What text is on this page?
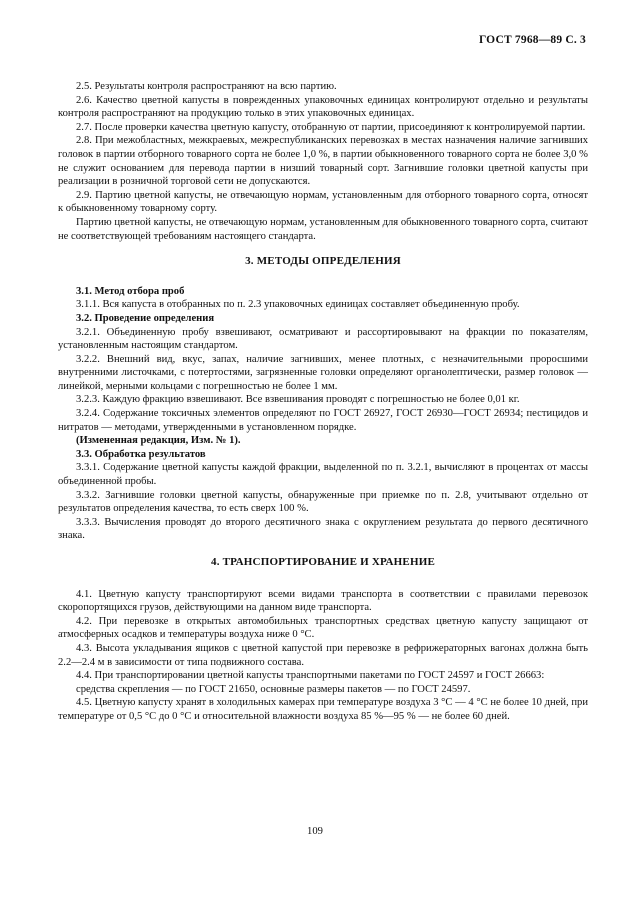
ГОСТ 7968—89 С. 3

2.5. Результаты контроля распространяют на всю партию.

2.6. Качество цветной капусты в поврежденных упаковочных единицах контролируют отдельно и результаты контроля распространяют на продукцию только в этих упаковочных единицах.

2.7. После проверки качества цветную капусту, отобранную от партии, присоединяют к контролируемой партии.

2.8. При межобластных, межкраевых, межреспубликанских перевозках в местах назначения наличие загнивших головок в партии отборного товарного сорта не более 1,0 %, в партии обыкновенного товарного сорта не более 3,0 % не служит основанием для перевода партии в низший товарный сорт. Загнившие головки цветной капусты при реализации в розничной торговой сети не допускаются.

2.9. Партию цветной капусты, не отвечающую нормам, установленным для отборного товарного сорта, относят к обыкновенному товарному сорту.

Партию цветной капусты, не отвечающую нормам, установленным для обыкновенного товарного сорта, считают не соответствующей требованиям настоящего стандарта.

3. МЕТОДЫ ОПРЕДЕЛЕНИЯ

3.1. Метод отбора проб

3.1.1. Вся капуста в отобранных по п. 2.3 упаковочных единицах составляет объединенную пробу.

3.2. Проведение определения

3.2.1. Объединенную пробу взвешивают, осматривают и рассортировывают на фракции по показателям, установленным настоящим стандартом.

3.2.2. Внешний вид, вкус, запах, наличие загнивших, менее плотных, с незначительными проросшими внутренними листочками, с потертостями, загрязненные головки определяют органолептически, размер головок — линейкой, мерными кольцами с погрешностью не более 1 мм.

3.2.3. Каждую фракцию взвешивают. Все взвешивания проводят с погрешностью не более 0,01 кг.

3.2.4. Содержание токсичных элементов определяют по ГОСТ 26927, ГОСТ 26930—ГОСТ 26934; пестицидов и нитратов — методами, утвержденными в установленном порядке.

(Измененная редакция, Изм. № 1).

3.3. Обработка результатов

3.3.1. Содержание цветной капусты каждой фракции, выделенной по п. 3.2.1, вычисляют в процентах от массы объединенной пробы.

3.3.2. Загнившие головки цветной капусты, обнаруженные при приемке по п. 2.8, учитывают отдельно от результатов определения качества, то есть сверх 100 %.

3.3.3. Вычисления проводят до второго десятичного знака с округлением результата до первого десятичного знака.

4. ТРАНСПОРТИРОВАНИЕ И ХРАНЕНИЕ

4.1. Цветную капусту транспортируют всеми видами транспорта в соответствии с правилами перевозок скоропортящихся грузов, действующими на данном виде транспорта.

4.2. При перевозке в открытых автомобильных транспортных средствах цветную капусту защищают от атмосферных осадков и температуры воздуха ниже 0 °С.

4.3. Высота укладывания ящиков с цветной капустой при перевозке в рефрижераторных вагонах должна быть 2.2—2.4 м в зависимости от типа подвижного состава.

4.4. При транспортировании цветной капусты транспортными пакетами по ГОСТ 24597 и ГОСТ 26663:

средства скрепления — по ГОСТ 21650, основные размеры пакетов — по ГОСТ 24597.

4.5. Цветную капусту хранят в холодильных камерах при температуре воздуха 3 °С — 4 °С не более 10 дней, при температуре от 0,5 °С до 0 °С и относительной влажности воздуха 85 %—95 % — не более 60 дней.

109
